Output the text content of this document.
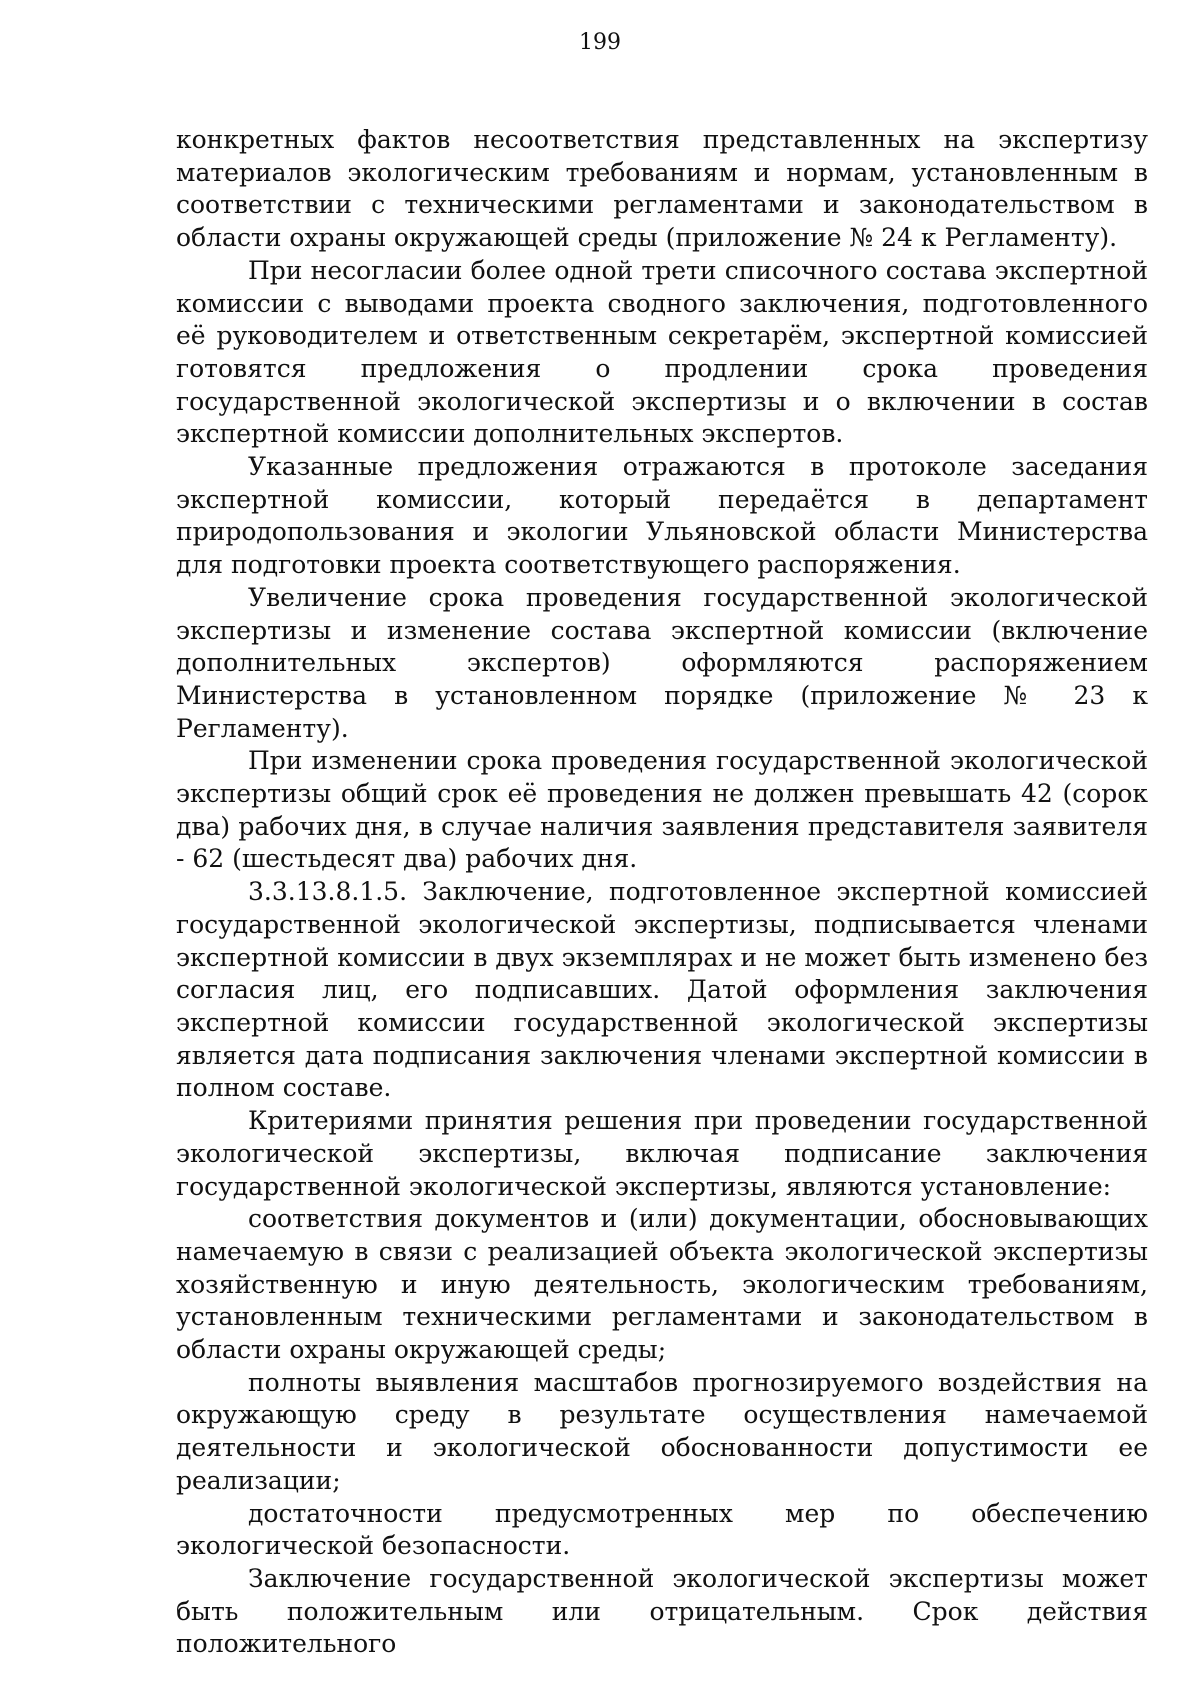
199

конкретных фактов несоответствия представленных на экспертизу материалов экологическим требованиям и нормам, установленным в соответствии с техническими регламентами и законодательством в области охраны окружающей среды (приложение № 24 к Регламенту).

При несогласии более одной трети списочного состава экспертной комиссии с выводами проекта сводного заключения, подготовленного её руководителем и ответственным секретарём, экспертной комиссией готовятся предложения о продлении срока проведения государственной экологической экспертизы и о включении в состав экспертной комиссии дополнительных экспертов.

Указанные предложения отражаются в протоколе заседания экспертной комиссии, который передаётся в департамент природопользования и экологии Ульяновской области Министерства для подготовки проекта соответствующего распоряжения.

Увеличение срока проведения государственной экологической экспертизы и изменение состава экспертной комиссии (включение дополнительных экспертов) оформляются распоряжением Министерства в установленном порядке (приложение № 23 к Регламенту).

При изменении срока проведения государственной экологической экспертизы общий срок её проведения не должен превышать 42 (сорок два) рабочих дня, в случае наличия заявления представителя заявителя - 62 (шестьдесят два) рабочих дня.

3.3.13.8.1.5. Заключение, подготовленное экспертной комиссией государственной экологической экспертизы, подписывается членами экспертной комиссии в двух экземплярах и не может быть изменено без согласия лиц, его подписавших. Датой оформления заключения экспертной комиссии государственной экологической экспертизы является дата подписания заключения членами экспертной комиссии в полном составе.

Критериями принятия решения при проведении государственной экологической экспертизы, включая подписание заключения государственной экологической экспертизы, являются установление:

соответствия документов и (или) документации, обосновывающих намечаемую в связи с реализацией объекта экологической экспертизы хозяйственную и иную деятельность, экологическим требованиям, установленным техническими регламентами и законодательством в области охраны окружающей среды;

полноты выявления масштабов прогнозируемого воздействия на окружающую среду в результате осуществления намечаемой деятельности и экологической обоснованности допустимости ее реализации;

достаточности предусмотренных мер по обеспечению экологической безопасности.

Заключение государственной экологической экспертизы может быть положительным или отрицательным. Срок действия положительного
